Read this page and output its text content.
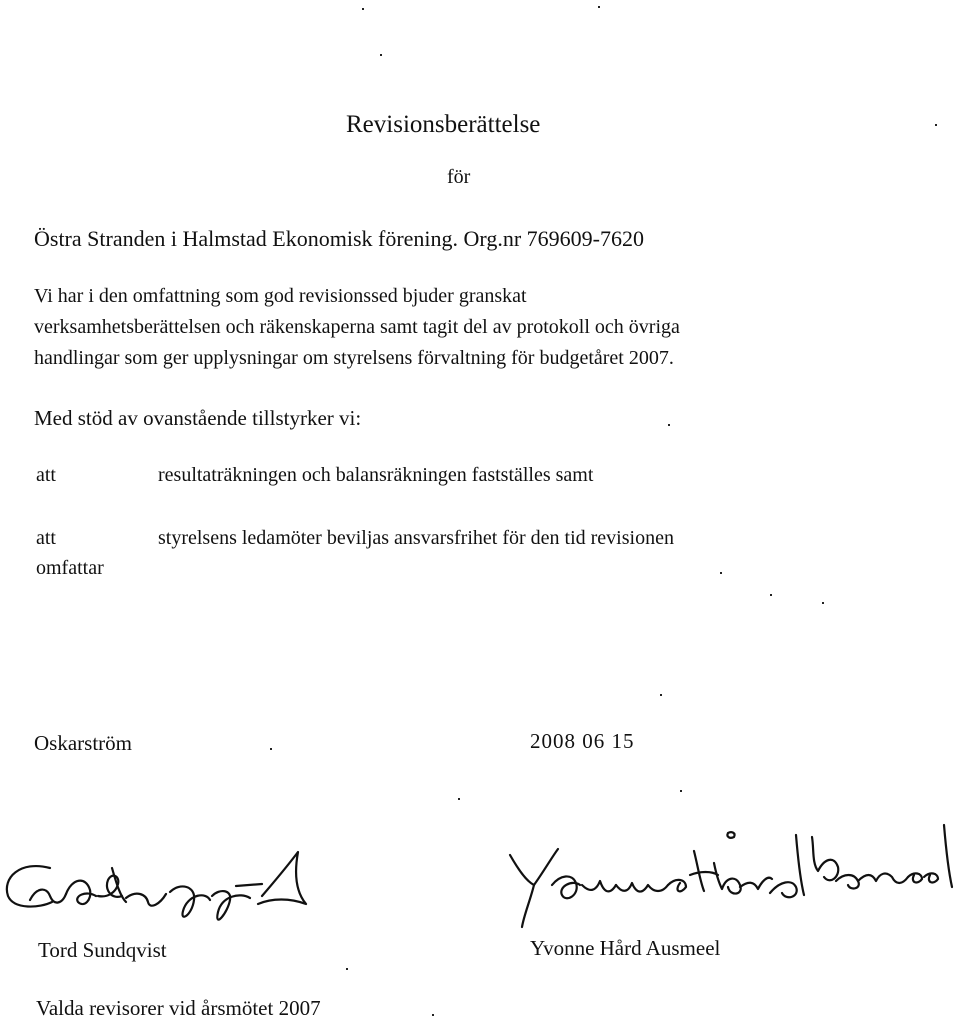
Revisionsberättelse
för
Östra Stranden i Halmstad Ekonomisk förening. Org.nr 769609-7620
Vi har i den omfattning som god revisionssed bjuder granskat
verksamhetsberättelsen och räkenskaperna samt tagit del av protokoll och övriga
handlingar som ger upplysningar om styrelsens förvaltning för budgetåret 2007.
Med stöd av ovanstående tillstyrker vi:
att	resultaträkningen och balansräkningen fastställes samt
att	styrelsens ledamöter beviljas ansvarsfrihet för den tid revisionen
omfattar
Oskarström	2008 06 15
Tord Sundqvist	Yvonne Hård Ausmeel
Valda revisorer vid årsmötet 2007
